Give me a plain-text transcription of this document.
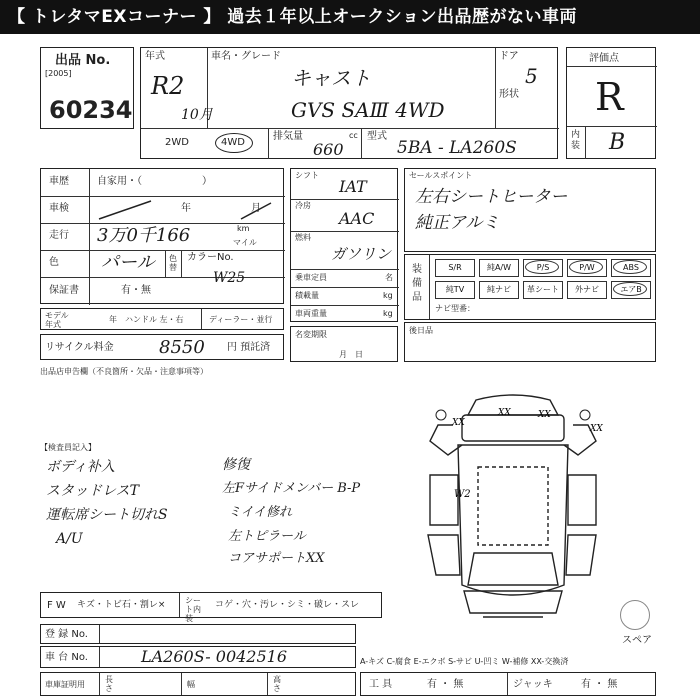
【 トレタマEXコーナー 】 過去１年以上オークション出品歴がない車両
出品 No.
[2005]
60234
年式
R2
10月
車名・グレード
キャスト
GVS SAⅢ 4WD
ドア
5
形状
2WD	4WD
排気量	cc
660
型式
5BA - LA260S
評価点
R
内装 B
車歴	自家用・（　　　　　　）
車検	年	月
走行 3万0千166	km
マイル
色 パール 色替
カラーNo.
W25
保証書	有・無
モデル年式
年 ハンドル 左・右	ディーラー・並行
リサイクル料金	8550 円 預託済
シフト
IAT
冷房
AAC
燃料
ガソリン
乗車定員	名
積載量	kg
車両重量	kg
名変期限
月　日
セールスポイント
左右シートヒーター
純正アルミ
装備品
ナビ型番：
S/R	純A/W	P/S	P/W	ABS
純TV	純ナビ	革シート	外ナビ	エアB
後日品
出品店申告欄（不良箇所・欠品・注意事項等）
【検査員記入】
ボディ补入
スタッドレスT
運転席シート切れS
A/U
修復
左Fサイドメンバー B-P
ミイイ修れ
左トピラール
コアサポートXX
XX
XX	XX
XX
W2
スペア
F W キズ・トビ石・割レ× シート内装
コゲ・穴・汚レ・シミ・破レ・スレ
登 録 No.
車 台 No.	LA260S- 0042516
車庫証明用
長さ	幅
高さ
A-キズ C-腐食 E-エクボ S-サビ U-凹ミ W-補修 XX-交換済
工 具	有 ・ 無	ジャッキ	有 ・ 無
